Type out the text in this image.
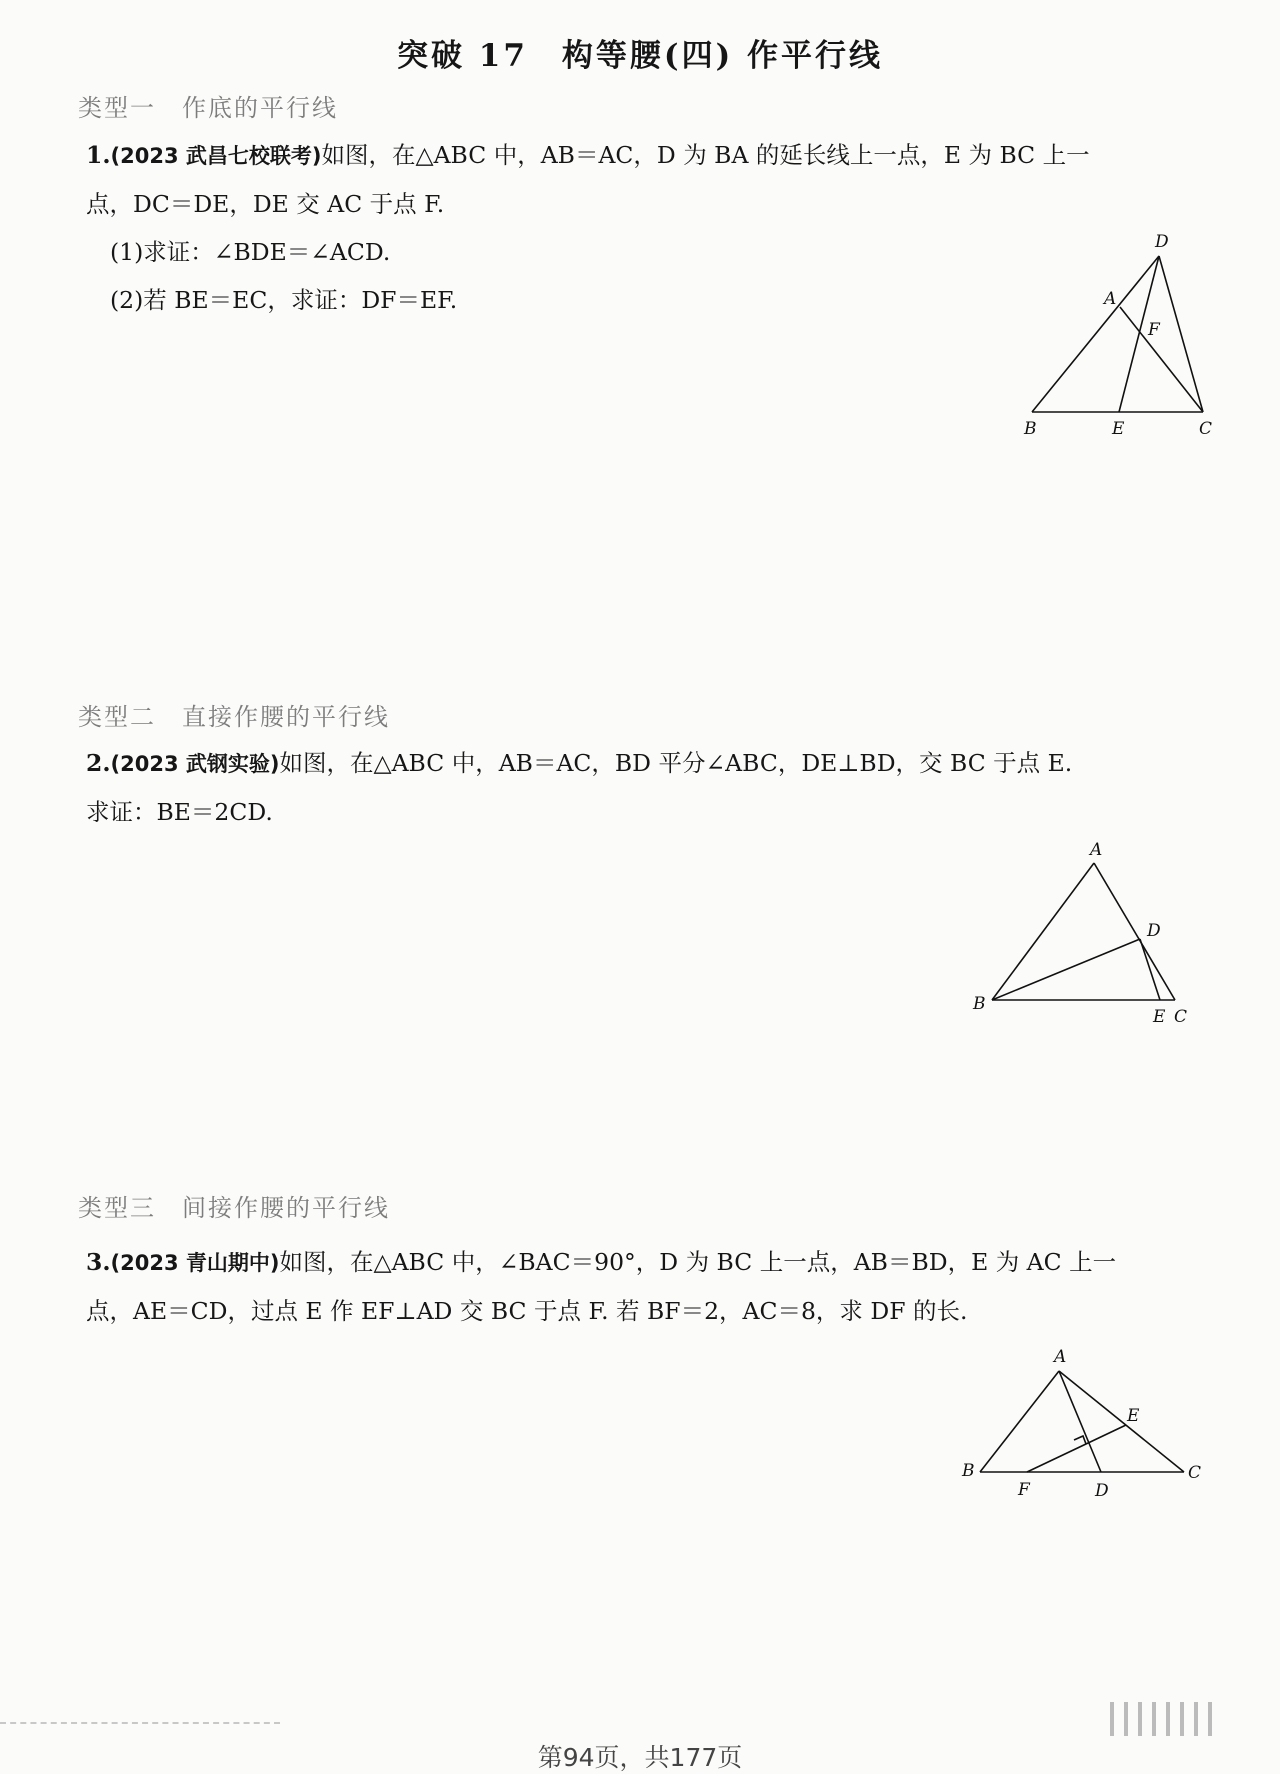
突破 17　构等腰(四) 作平行线
类型一　作底的平行线
1.(2023 武昌七校联考)如图，在△ABC 中，AB＝AC，D 为 BA 的延长线上一点，E 为 BC 上一
点，DC＝DE，DE 交 AC 于点 F.
(1)求证：∠BDE＝∠ACD.
(2)若 BE＝EC，求证：DF＝EF.
D
A
F
B	E	C
类型二　直接作腰的平行线
2.(2023 武钢实验)如图，在△ABC 中，AB＝AC，BD 平分∠ABC，DE⊥BD，交 BC 于点 E.
求证：BE＝2CD.
A
D
B
E C
类型三　间接作腰的平行线
3.(2023 青山期中)如图，在△ABC 中，∠BAC＝90°，D 为 BC 上一点，AB＝BD，E 为 AC 上一
点，AE＝CD，过点 E 作 EF⊥AD 交 BC 于点 F. 若 BF＝2，AC＝8，求 DF 的长.
A
E
B
F	D
C
第94页，共177页
